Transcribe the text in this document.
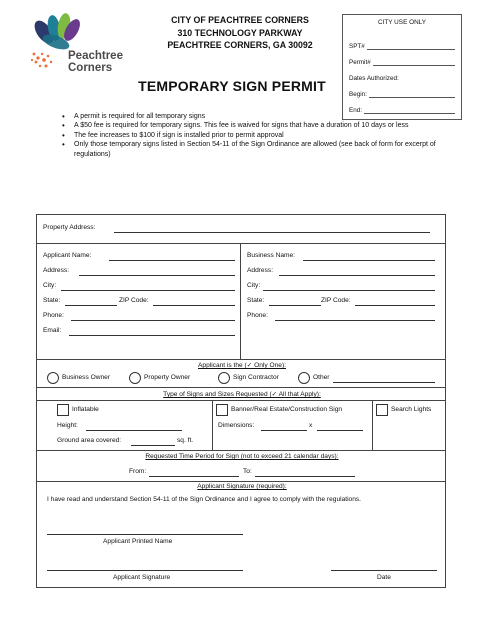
Peachtree
Corners
CITY OF PEACHTREE CORNERS
310 TECHNOLOGY PARKWAY
PEACHTREE CORNERS, GA 30092
CITY USE ONLY
SPT#
Permit#
Dates Authorized:
Begin:
End:
TEMPORARY SIGN PERMIT
• A permit is required for all temporary signs
• A $50 fee is required for temporary signs. This fee is waived for signs that have a duration of 10 days or less
• The fee increases to $100 if sign is installed prior to permit approval
• Only those temporary signs listed in Section 54-11 of the Sign Ordinance are allowed (see back of form for excerpt of regulations)
Property Address:
Applicant Name:
Address:
City:
State:	ZIP Code:
Phone:
Email:
Business Name:
Address:
City:
State:	ZIP Code:
Phone:
Applicant is the (✓ Only One):
Business Owner	Property Owner	Sign Contractor	Other
Type of Signs and Sizes Requested (✓ All that Apply):
Inflatable
Height:
Ground area covered:	sq. ft.
Banner/Real Estate/Construction Sign
Dimensions:	x
Search Lights
Requested Time Period for Sign (not to exceed 21 calendar days):
From:	To:
Applicant Signature (required):
I have read and understand Section 54-11 of the Sign Ordinance and I agree to comply with the regulations.
Applicant Printed Name
Applicant Signature	Date
